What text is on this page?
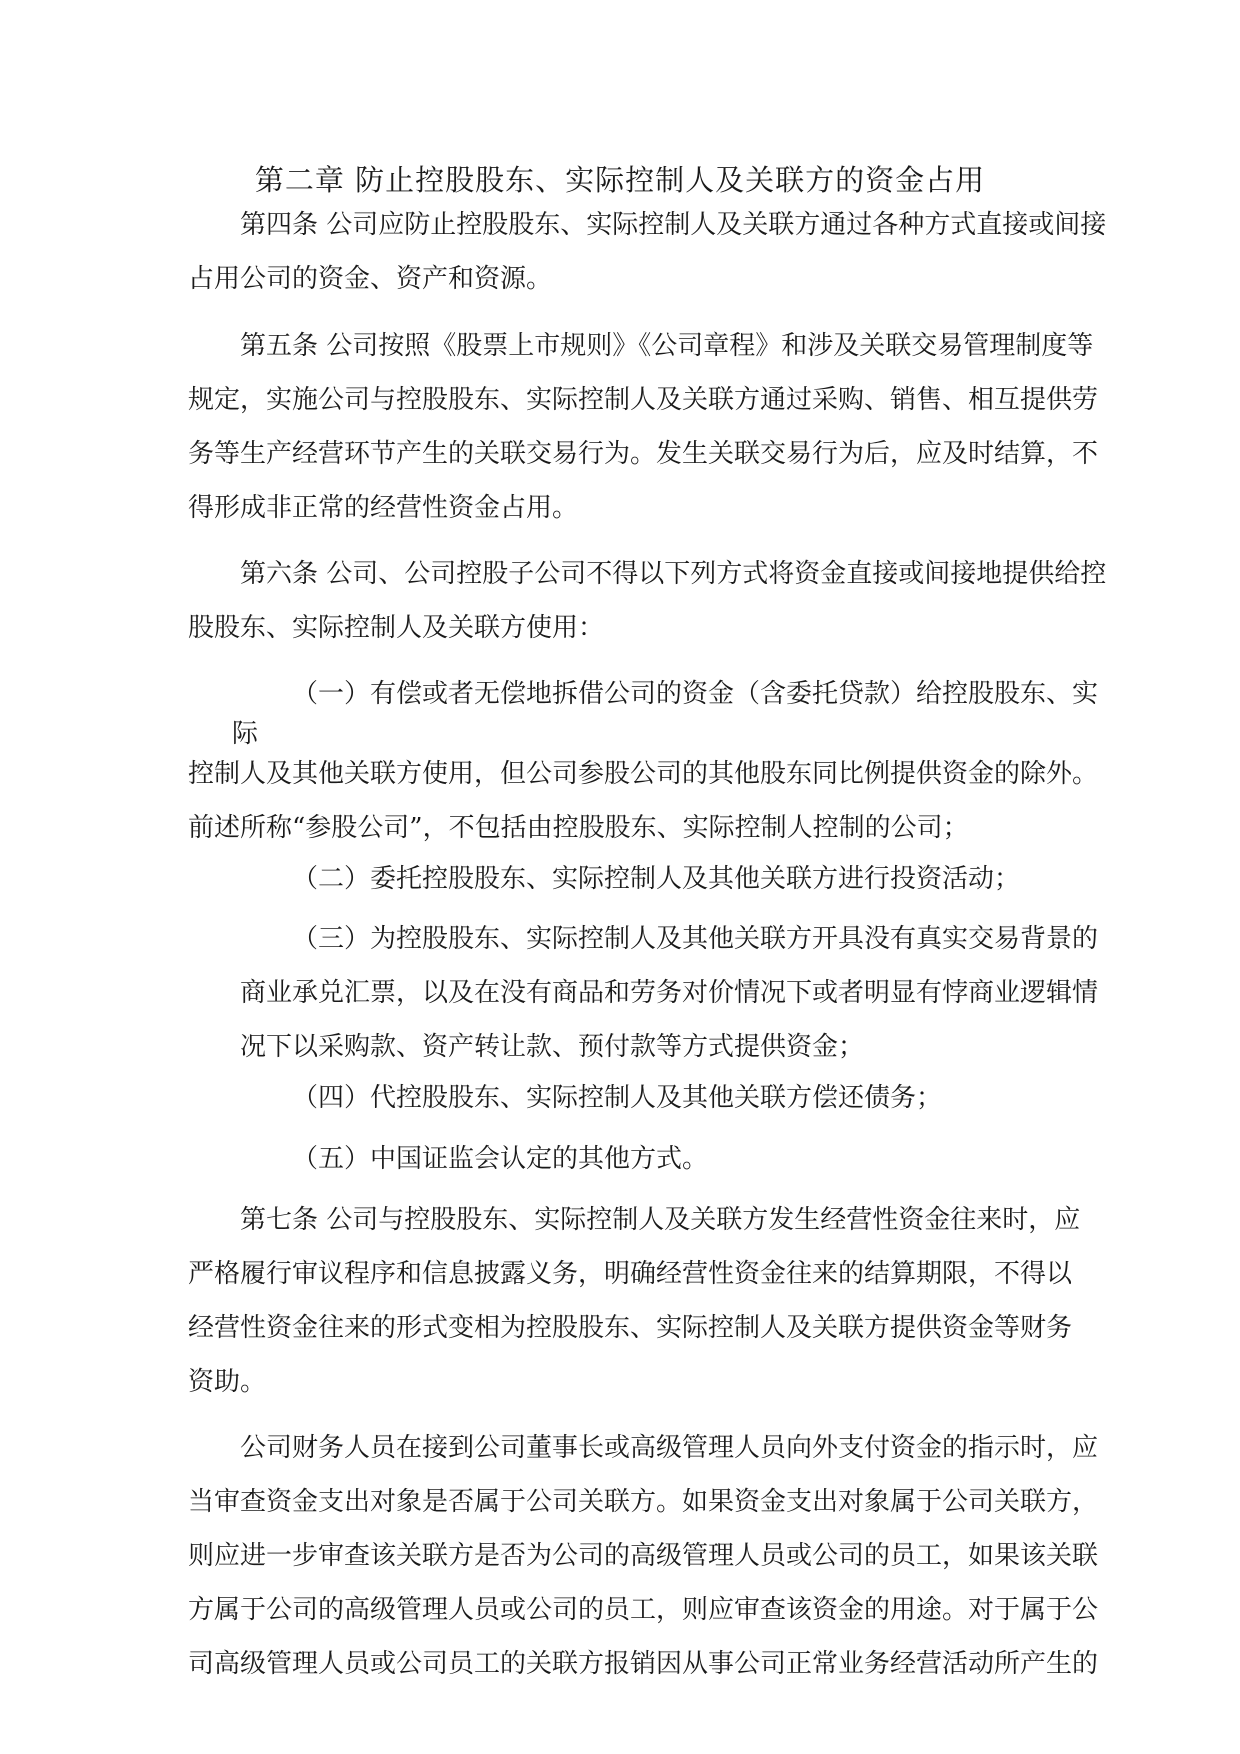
第二章 防止控股股东、实际控制人及关联方的资金占用
第四条 公司应防止控股股东、实际控制人及关联方通过各种方式直接或间接
占用公司的资金、资产和资源。
第五条 公司按照《股票上市规则》《公司章程》和涉及关联交易管理制度等
规定，实施公司与控股股东、实际控制人及关联方通过采购、销售、相互提供劳
务等生产经营环节产生的关联交易行为。发生关联交易行为后，应及时结算，不
得形成非正常的经营性资金占用。
第六条 公司、公司控股子公司不得以下列方式将资金直接或间接地提供给控
股股东、实际控制人及关联方使用：
（一）有偿或者无偿地拆借公司的资金（含委托贷款）给控股股东、实
际
控制人及其他关联方使用，但公司参股公司的其他股东同比例提供资金的除外。
前述所称“参股公司”，不包括由控股股东、实际控制人控制的公司；
（二）委托控股股东、实际控制人及其他关联方进行投资活动；
（三）为控股股东、实际控制人及其他关联方开具没有真实交易背景的
商业承兑汇票，以及在没有商品和劳务对价情况下或者明显有悖商业逻辑情
况下以采购款、资产转让款、预付款等方式提供资金；
（四）代控股股东、实际控制人及其他关联方偿还债务；
（五）中国证监会认定的其他方式。
第七条 公司与控股股东、实际控制人及关联方发生经营性资金往来时，应
严格履行审议程序和信息披露义务，明确经营性资金往来的结算期限，不得以
经营性资金往来的形式变相为控股股东、实际控制人及关联方提供资金等财务
资助。
公司财务人员在接到公司董事长或高级管理人员向外支付资金的指示时，应
当审查资金支出对象是否属于公司关联方。如果资金支出对象属于公司关联方，
则应进一步审查该关联方是否为公司的高级管理人员或公司的员工，如果该关联
方属于公司的高级管理人员或公司的员工，则应审查该资金的用途。对于属于公
司高级管理人员或公司员工的关联方报销因从事公司正常业务经营活动所产生的
